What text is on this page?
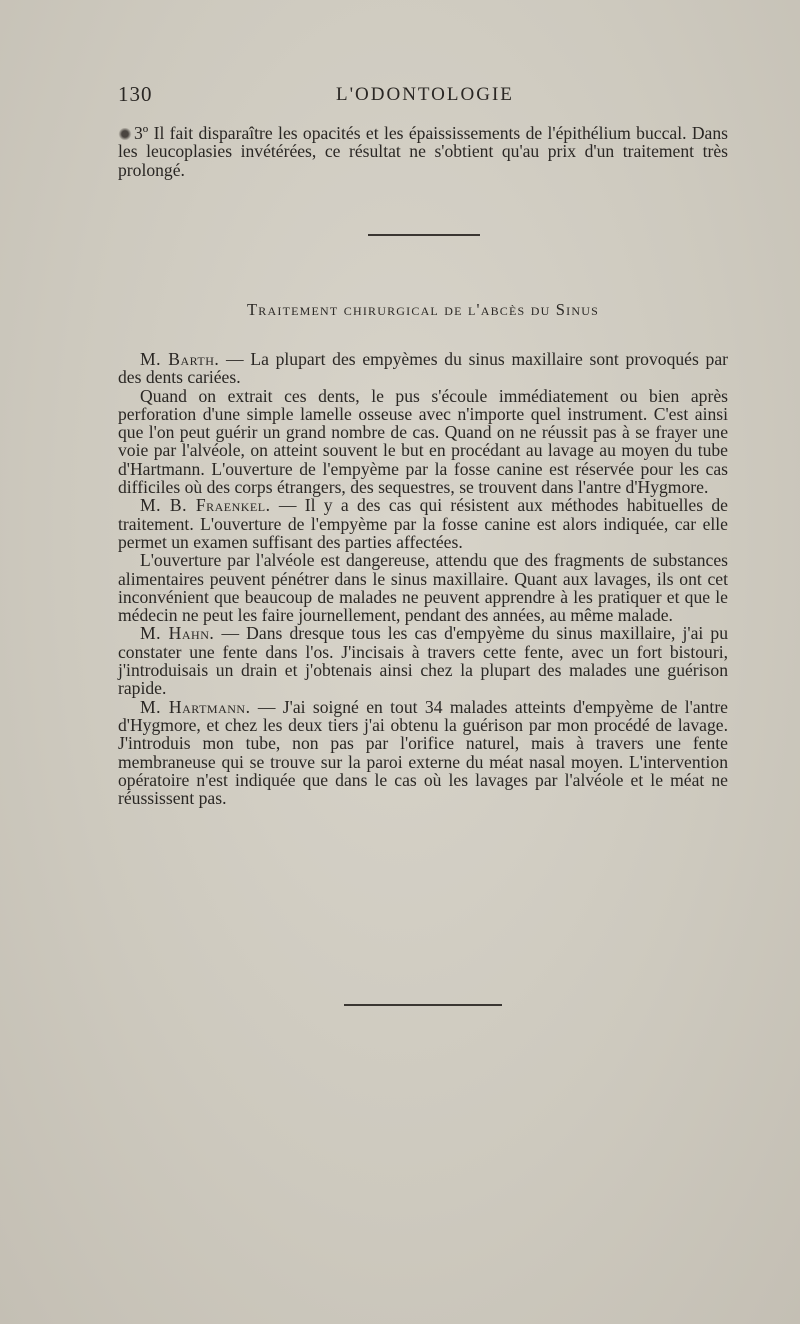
130	L'ODONTOLOGIE

3º Il fait disparaître les opacités et les épaississements de l'épithélium buccal. Dans les leucoplasies invétérées, ce résultat ne s'obtient qu'au prix d'un traitement très prolongé.

Traitement chirurgical de l'abcès du Sinus

M. Barth. — La plupart des empyèmes du sinus maxillaire sont provoqués par des dents cariées.

Quand on extrait ces dents, le pus s'écoule immédiatement ou bien après perforation d'une simple lamelle osseuse avec n'importe quel instrument. C'est ainsi que l'on peut guérir un grand nombre de cas. Quand on ne réussit pas à se frayer une voie par l'alvéole, on atteint souvent le but en procédant au lavage au moyen du tube d'Hartmann. L'ouverture de l'empyème par la fosse canine est réservée pour les cas difficiles où des corps étrangers, des sequestres, se trouvent dans l'antre d'Hygmore.

M. B. Fraenkel. — Il y a des cas qui résistent aux méthodes habituelles de traitement. L'ouverture de l'empyème par la fosse canine est alors indiquée, car elle permet un examen suffisant des parties affectées.

L'ouverture par l'alvéole est dangereuse, attendu que des fragments de substances alimentaires peuvent pénétrer dans le sinus maxillaire. Quant aux lavages, ils ont cet inconvénient que beaucoup de malades ne peuvent apprendre à les pratiquer et que le médecin ne peut les faire journellement, pendant des années, au même malade.

M. Hahn. — Dans dresque tous les cas d'empyème du sinus maxillaire, j'ai pu constater une fente dans l'os. J'incisais à travers cette fente, avec un fort bistouri, j'introduisais un drain et j'obtenais ainsi chez la plupart des malades une guérison rapide.

M. Hartmann. — J'ai soigné en tout 34 malades atteints d'empyème de l'antre d'Hygmore, et chez les deux tiers j'ai obtenu la guérison par mon procédé de lavage. J'introduis mon tube, non pas par l'orifice naturel, mais à travers une fente membraneuse qui se trouve sur la paroi externe du méat nasal moyen. L'intervention opératoire n'est indiquée que dans le cas où les lavages par l'alvéole et le méat ne réussissent pas.
